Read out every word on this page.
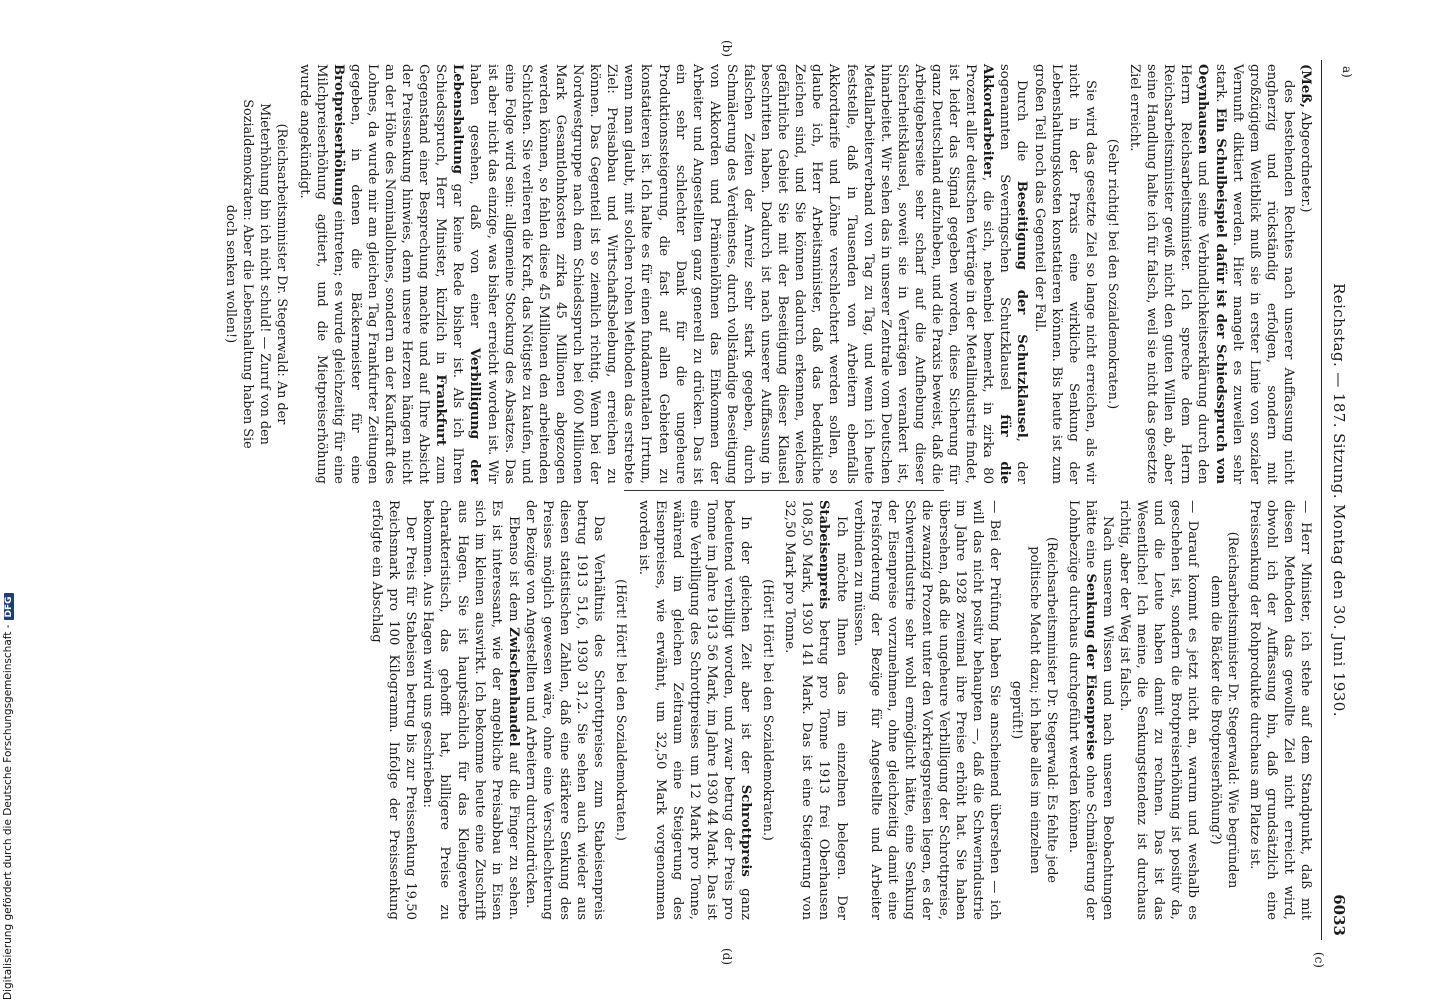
a)
Reichstag. — 187. Sitzung. Montag den 30. Juni 1930.
6033
(c)
(b)
(d)

(Meß, Abgeordneter.)

des bestehenden Rechtes nach unserer Auffassung nicht engherzig und rückständig erfolgen, sondern mit großzügigem Weitblick muß sie in erster Linie von sozialer Vernunft diktiert werden. Hier mangelt es zuweilen sehr stark. Ein Schulbeispiel dafür ist der Schiedsspruch von Oeynhausen und seine Verbindlichkeitserklärung durch den Herrn Reichsarbeitsminister. Ich spreche dem Herrn Reichsarbeitsminister gewiß nicht den guten Willen ab, aber seine Handlung halte ich für falsch, weil sie nicht das gesetzte Ziel erreicht.

(Sehr richtig! bei den Sozialdemokraten.)

Sie wird das gesetzte Ziel so lange nicht erreichen, als wir nicht in der Praxis eine wirkliche Senkung der Lebenshaltungskosten konstatieren können. Bis heute ist zum großen Teil noch das Gegenteil der Fall.

Durch die Beseitigung der Schutzklausel, der sogenannten Severingschen Schutzklausel für die Akkordarbeiter, die sich, nebenbei bemerkt, in zirka 80 Prozent aller deutschen Verträge in der Metallindustrie findet, ist leider das Signal gegeben worden, diese Sicherung für ganz Deutschland aufzuheben, und die Praxis beweist, daß die Arbeitgeberseite sehr scharf auf die Aufhebung dieser Sicherheitsklausel, soweit sie in Verträgen verankert ist, hinarbeitet. Wir sehen das in unserer Zentrale vom Deutschen Metallarbeiterverband von Tag zu Tag, und wenn ich heute feststelle, daß in Tausenden von Arbeitern ebenfalls Akkordtarife und Löhne verschlechtert werden sollen, so glaube ich, Herr Arbeitsminister, daß das bedenkliche Zeichen sind, und Sie können dadurch erkennen, welches gefährliche Gebiet Sie mit der Beseitigung dieser Klausel beschritten haben. Dadurch ist nach unserer Auffassung in falschen Zeiten der Anreiz sehr stark gegeben, durch Schmälerung des Verdienstes, durch vollständige Beseitigung von Akkorden und Prämienlöhnen das Einkommen der Arbeiter und Angestellten ganz generell zu drücken. Das ist ein sehr schlechter Dank für die ungeheure Produktionssteigerung, die fast auf allen Gebieten zu konstatieren ist. Ich halte es für einen fundamentalen Irrtum, wenn man glaubt, mit solchen rohen Methoden das erstrebte Ziel: Preisabbau und Wirtschaftsbelebung, erreichen zu können. Das Gegenteil ist so ziemlich richtig. Wenn bei der Nordwestgruppe nach dem Schiedsspruch bei 600 Millionen Mark Gesamtlohnkosten zirka 45 Millionen abgezogen werden können, so fehlen diese 45 Millionen den arbeitenden Schichten. Sie verlieren die Kraft, das Nötigste zu kaufen, und eine Folge wird sein: allgemeine Stockung des Absatzes. Das ist aber nicht das einzige, was bisher erreicht worden ist. Wir haben gesehen, daß von einer Verbilligung der Lebenshaltung gar keine Rede bisher ist. Als ich Ihren Schiedsspruch, Herr Minister, kürzlich in Frankfurt zum Gegenstand einer Besprechung machte und auf Ihre Absicht der Preissenkung hinwies, denn unsere Herzen hängen nicht an der Höhe des Nominallohnes, sondern an der Kaufkraft des Lohnes, da wurde mir am gleichen Tag Frankfurter Zeitungen gegeben, in denen die Bäckermeister für eine Brotpreiserhöhung eintreten; es wurde gleichzeitig für eine Milchpreiserhöhung agitiert, und die Mietpreiserhöhung wurde angekündigt.

(Reichsarbeitsminister Dr. Stegerwald: An der Mieterhöhung bin ich nicht schuld! — Zuruf von den Sozialdemokraten: Aber die Lebenshaltung haben Sie doch senken wollen!)

— Herr Minister, ich stehe auf dem Standpunkt, daß mit diesen Methoden das gewollte Ziel nicht erreicht wird, obwohl ich der Auffassung bin, daß grundsätzlich eine Preissenkung der Rohprodukte durchaus am Platze ist.

(Reichsarbeitsminister Dr. Stegerwald: Wie begründen denn die Bäcker die Brotpreiserhöhung?)

— Darauf kommt es jetzt nicht an, warum und weshalb es geschehen ist, sondern die Brotpreiserhöhung ist positiv da, und die Leute haben damit zu rechnen. Das ist das Wesentliche! Ich meine, die Senkungstendenz ist durchaus richtig, aber der Weg ist falsch.

Nach unserem Wissen und nach unseren Beobachtungen hätte eine Senkung der Eisenpreise ohne Schmälerung der Lohnbezüge durchaus durchgeführt werden können.

(Reichsarbeitsminister Dr. Stegerwald: Es fehlte jede politische Macht dazu; ich habe alles im einzelnen geprüft!)

— Bei der Prüfung haben Sie anscheinend übersehen — ich will das nicht positiv behaupten —, daß die Schwerindustrie im Jahre 1928 zweimal ihre Preise erhöht hat. Sie haben übersehen, daß die ungeheure Verbilligung der Schrottpreise, die zwanzig Prozent unter den Vorkriegspreisen liegen, es der Schwerindustrie sehr wohl ermöglicht hätte, eine Senkung der Eisenpreise vorzunehmen, ohne gleichzeitig damit eine Preisforderung der Bezüge für Angestellte und Arbeiter verbinden zu müssen.

Ich möchte Ihnen das im einzelnen belegen. Der Stabeisenpreis betrug pro Tonne 1913 frei Oberhausen 108,50 Mark, 1930 141 Mark. Das ist eine Steigerung von 32,50 Mark pro Tonne.

(Hört! Hört! bei den Sozialdemokraten.)

In der gleichen Zeit aber ist der Schrottpreis ganz bedeutend verbilligt worden, und zwar betrug der Preis pro Tonne im Jahre 1913 56 Mark, im Jahre 1930 44 Mark. Das ist eine Verbilligung des Schrottpreises um 12 Mark pro Tonne, während im gleichen Zeitraum eine Steigerung des Eisenpreises, wie erwähnt, um 32,50 Mark vorgenommen worden ist.

(Hört! Hört! bei den Sozialdemokraten.)

Das Verhältnis des Schrottpreises zum Stabeisenpreis betrug 1913 51,6, 1930 31,2. Sie sehen auch wieder aus diesen statistischen Zahlen, daß eine stärkere Senkung des Preises möglich gewesen wäre, ohne eine Verschlechterung der Bezüge von Angestellten und Arbeitern durchzudrücken.

Ebenso ist dem Zwischenhandel auf die Finger zu sehen. Es ist interessant, wie der angebliche Preisabbau in Eisen sich im kleinen auswirkt. Ich bekomme heute eine Zuschrift aus Hagen. Sie ist hauptsächlich für das Kleingewerbe charakteristisch, das gehofft hat, billigere Preise zu bekommen. Aus Hagen wird uns geschrieben:

Der Preis für Stabeisen betrug bis zur Preissenkung 19,50 Reichsmark pro 100 Kilogramm. Infolge der Preissenkung erfolgte ein Abschlag

Digitalisierung gefördert durch die Deutsche Forschungsgemeinschaft -DFG
